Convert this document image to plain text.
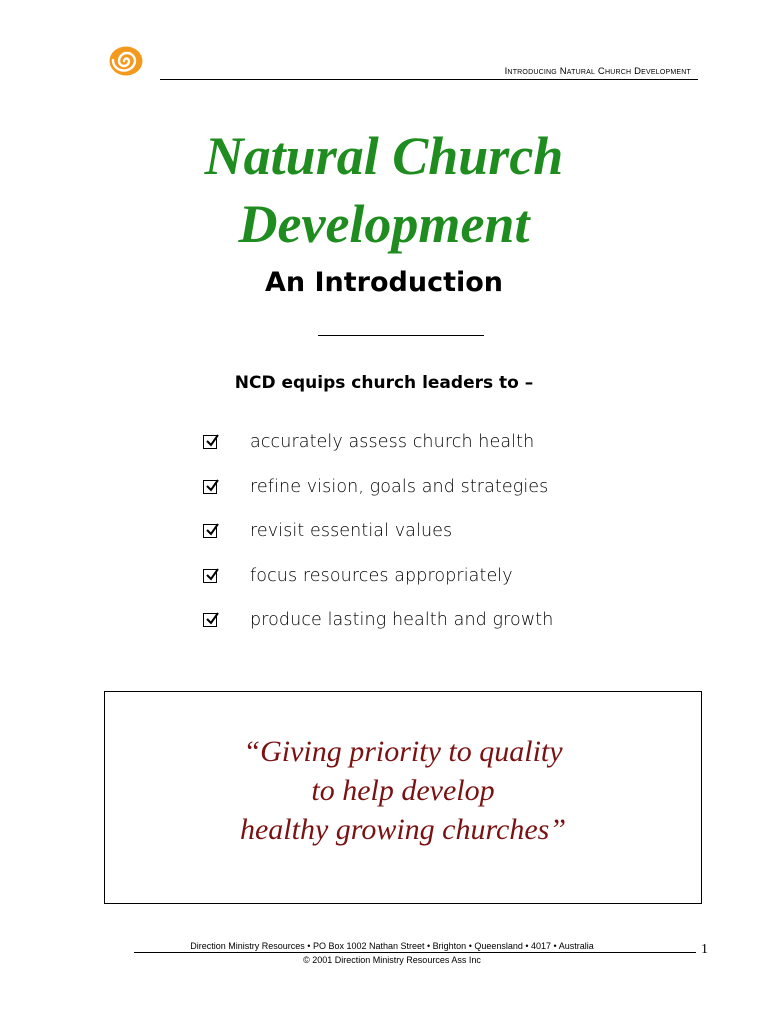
Introducing Natural Church Development
Natural Church
Development
An Introduction
NCD equips church leaders to –
accurately assess church health
refine vision, goals and strategies
revisit essential values
focus resources appropriately
produce lasting health and growth
“Giving priority to quality
to help develop
healthy growing churches”
Direction Ministry Resources • PO Box 1002 Nathan Street • Brighton • Queensland • 4017 • Australia
© 2001 Direction Ministry Resources Ass Inc
1
